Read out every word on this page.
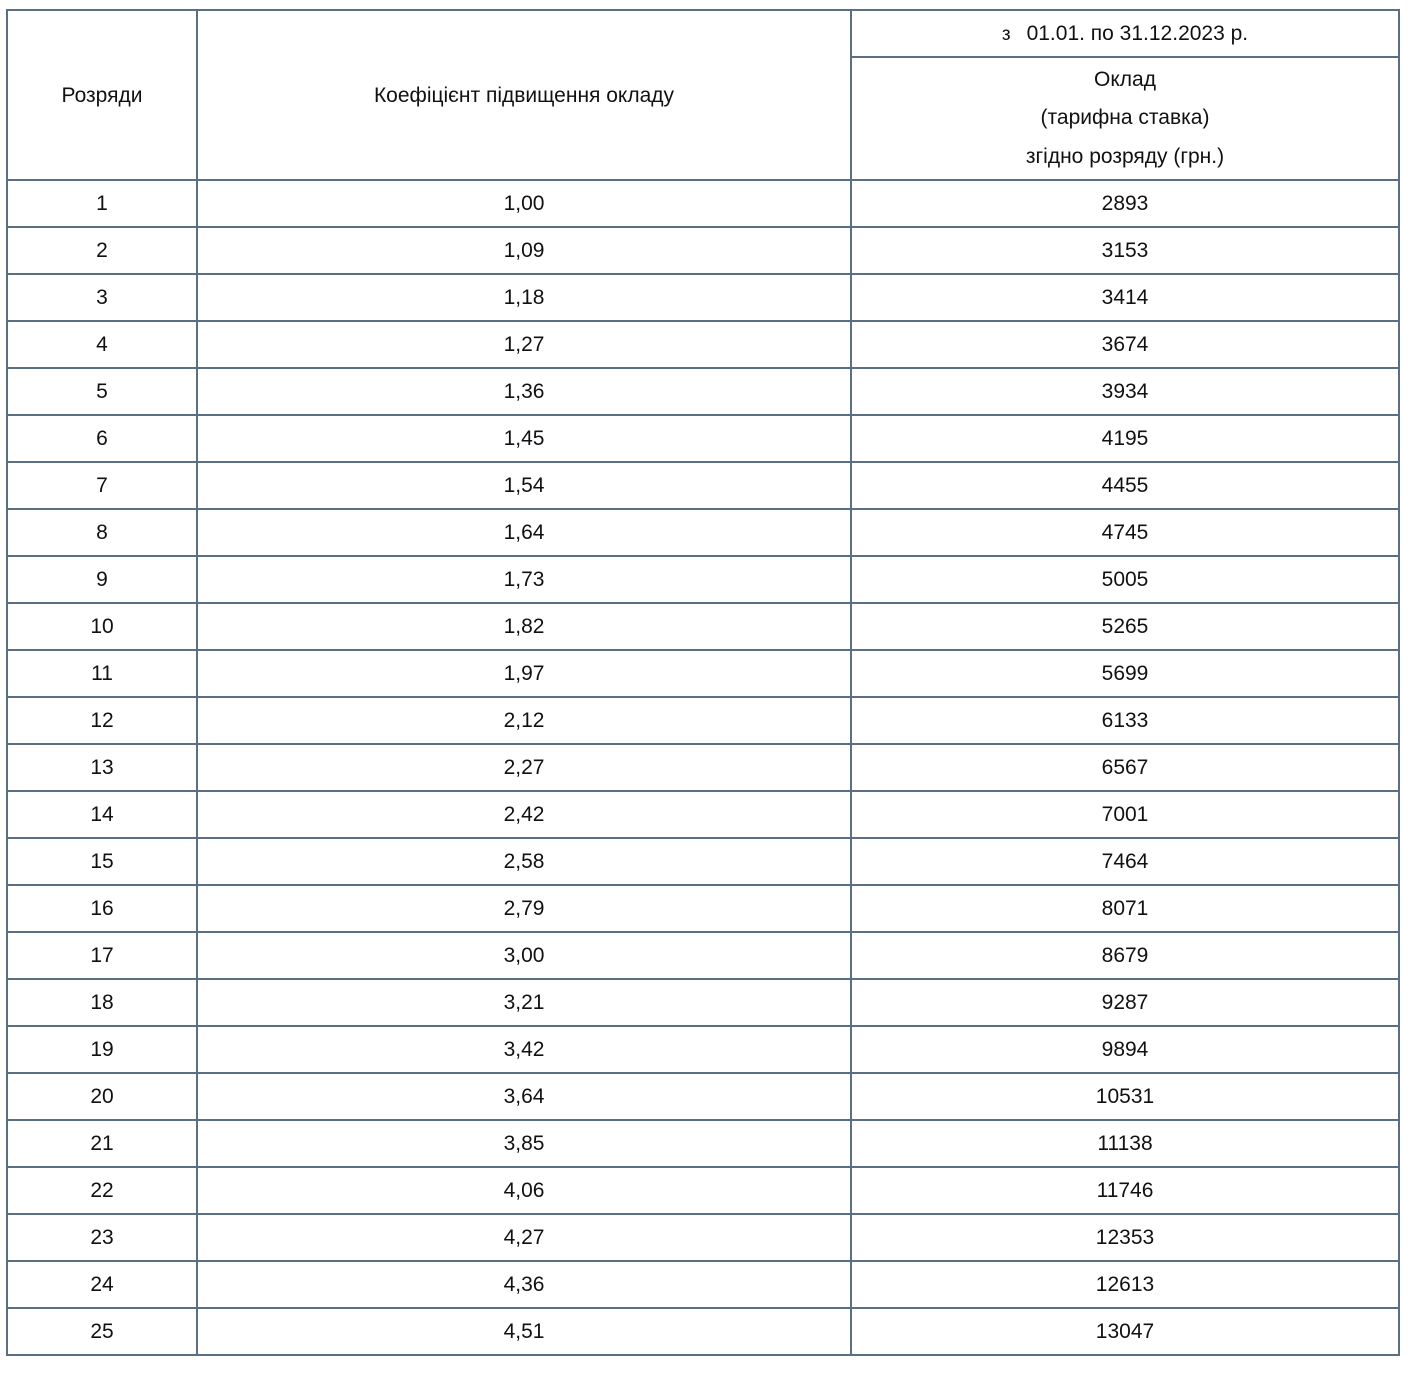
Розряди	Коефіцієнт підвищення окладу	з 01.01. по 31.12.2023 р.

		Оклад
(тарифна ставка)
згідно розряду (грн.)

1	1,00	2893
2	1,09	3153
3	1,18	3414
4	1,27	3674
5	1,36	3934
6	1,45	4195
7	1,54	4455
8	1,64	4745
9	1,73	5005
10	1,82	5265
11	1,97	5699
12	2,12	6133
13	2,27	6567
14	2,42	7001
15	2,58	7464
16	2,79	8071
17	3,00	8679
18	3,21	9287
19	3,42	9894
20	3,64	10531
21	3,85	11138
22	4,06	11746
23	4,27	12353
24	4,36	12613
25	4,51	13047
